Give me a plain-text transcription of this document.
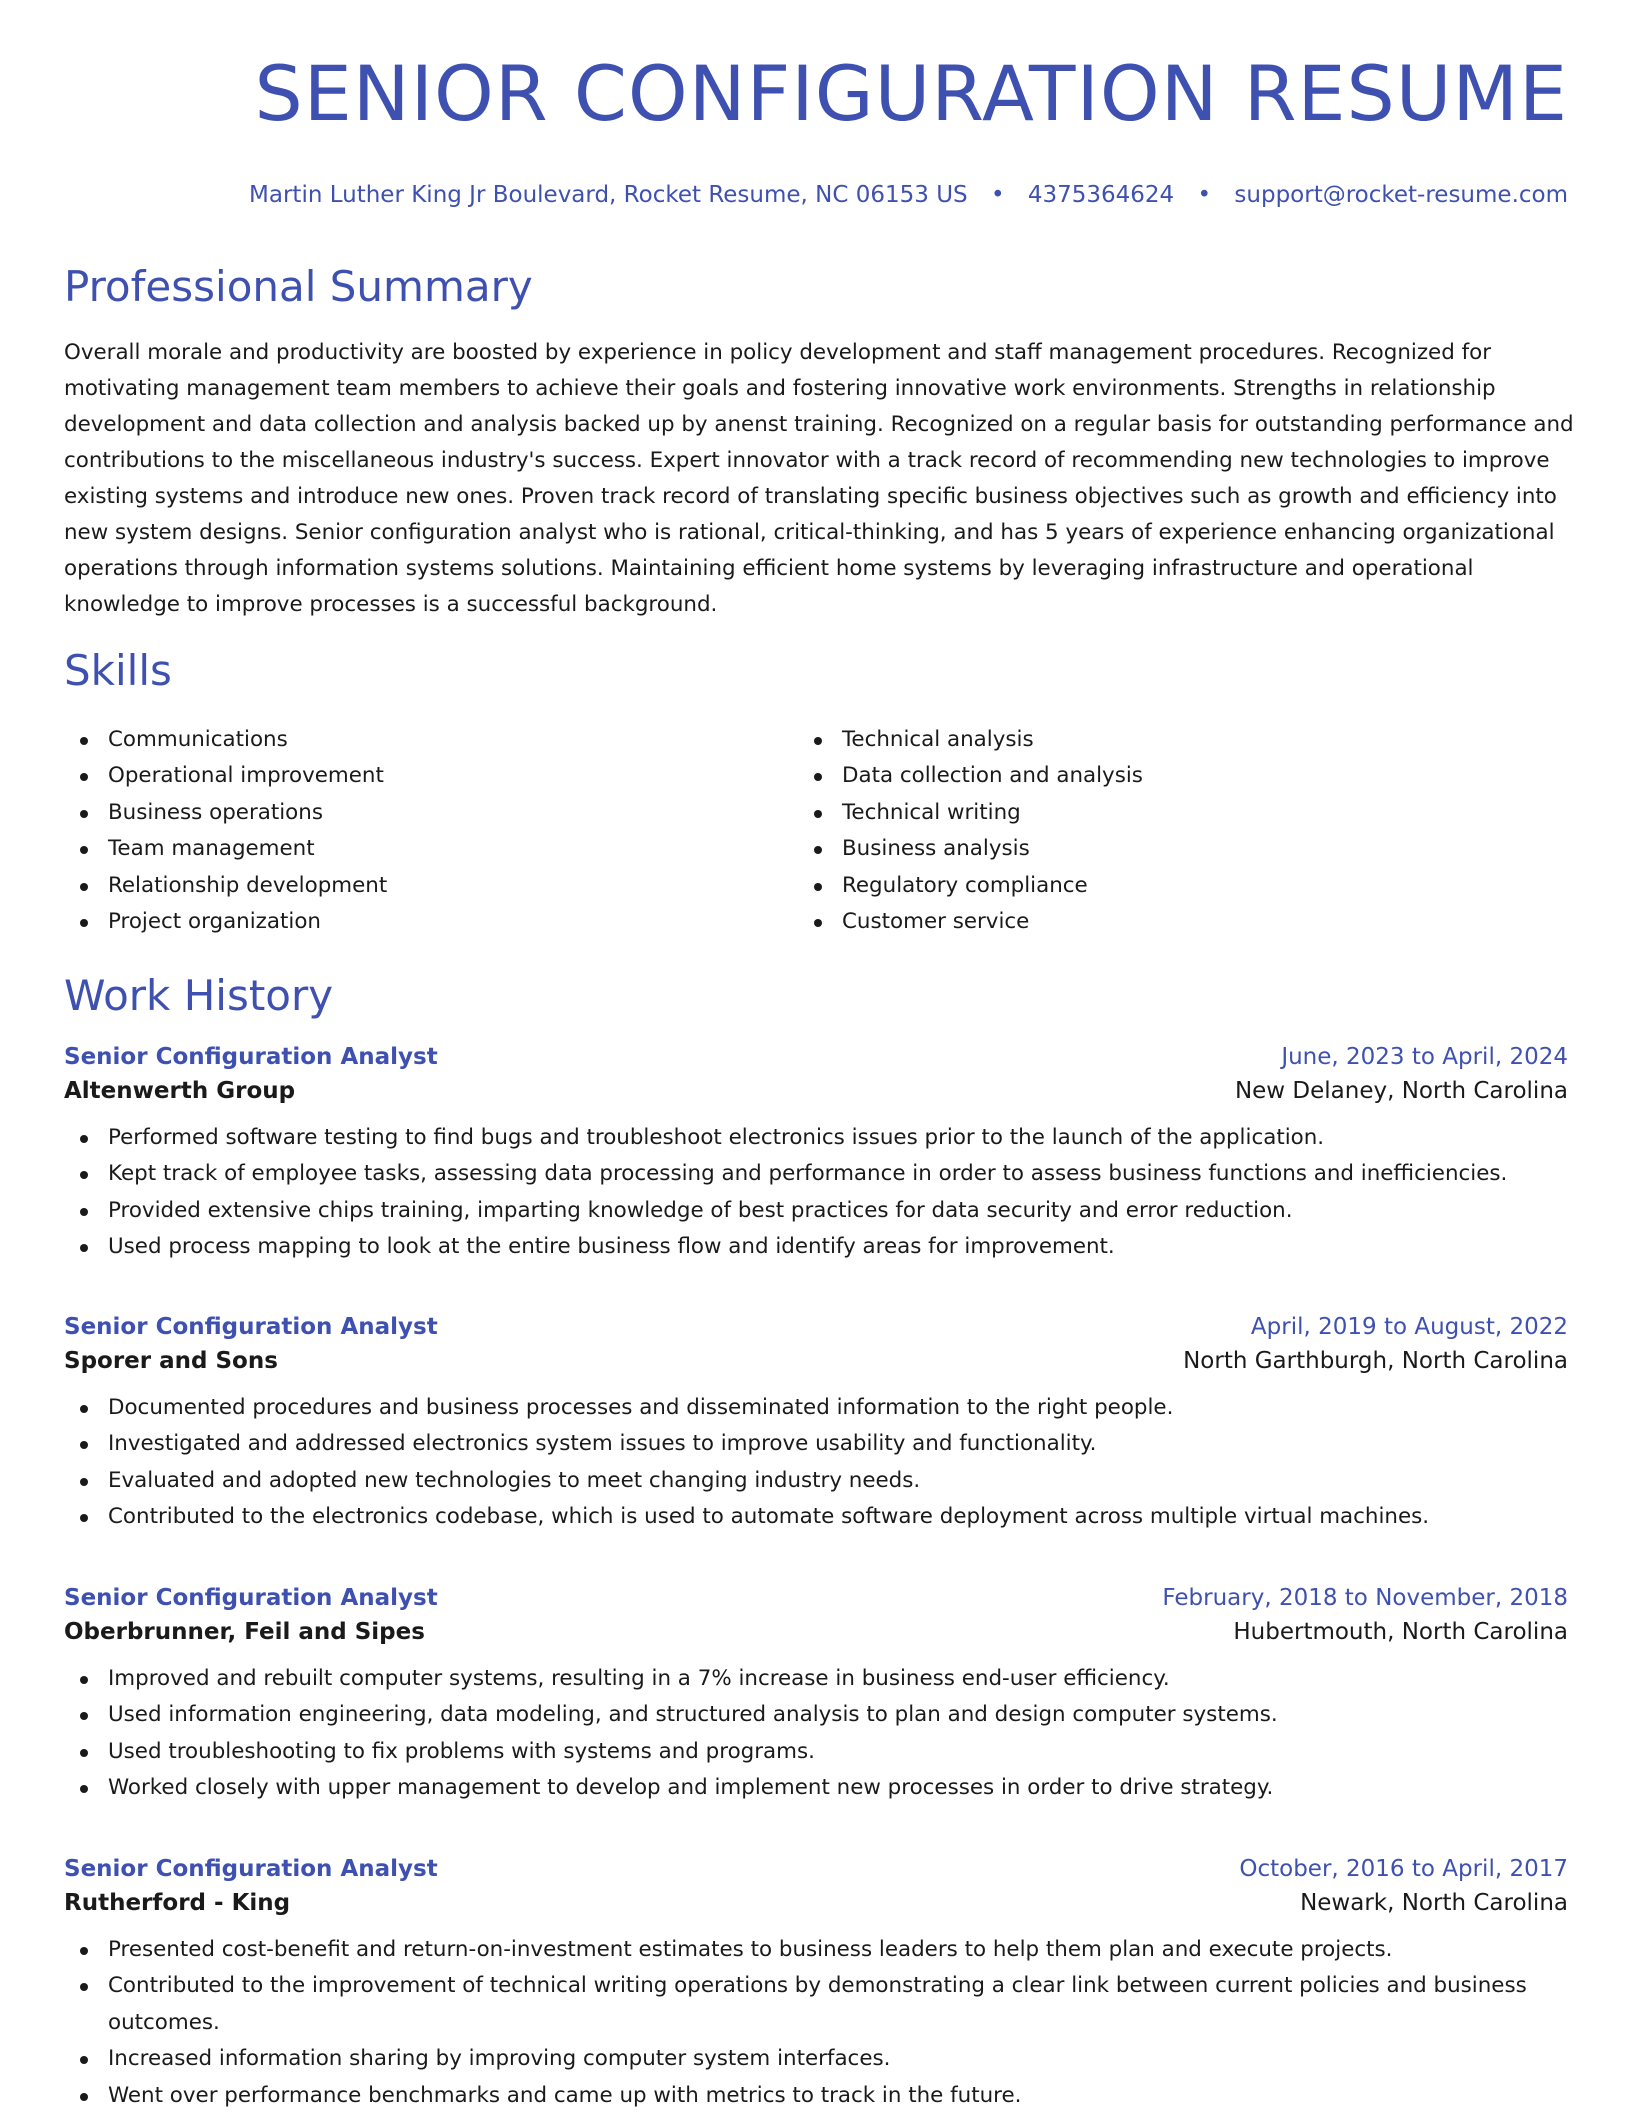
SENIOR CONFIGURATION RESUME
Martin Luther King Jr Boulevard, Rocket Resume, NC 06153 US • 4375364624 • support@rocket-resume.com
Professional Summary

Overall morale and productivity are boosted by experience in policy development and staff management procedures. Recognized for motivating management team members to achieve their goals and fostering innovative work environments. Strengths in relationship development and data collection and analysis backed up by anenst training. Recognized on a regular basis for outstanding performance and contributions to the miscellaneous industry's success. Expert innovator with a track record of recommending new technologies to improve existing systems and introduce new ones. Proven track record of translating specific business objectives such as growth and efficiency into new system designs. Senior configuration analyst who is rational, critical-thinking, and has 5 years of experience enhancing organizational operations through information systems solutions. Maintaining efficient home systems by leveraging infrastructure and operational knowledge to improve processes is a successful background.

Skills
Communications
Operational improvement
Business operations
Team management
Relationship development
Project organization
Technical analysis
Data collection and analysis
Technical writing
Business analysis
Regulatory compliance
Customer service
Work History
Senior Configuration Analyst	June, 2023 to April, 2024
Altenwerth Group	New Delaney, North Carolina
Performed software testing to find bugs and troubleshoot electronics issues prior to the launch of the application.
Kept track of employee tasks, assessing data processing and performance in order to assess business functions and inefficiencies.
Provided extensive chips training, imparting knowledge of best practices for data security and error reduction.
Used process mapping to look at the entire business flow and identify areas for improvement.
Senior Configuration Analyst	April, 2019 to August, 2022
Sporer and Sons	North Garthburgh, North Carolina
Documented procedures and business processes and disseminated information to the right people.
Investigated and addressed electronics system issues to improve usability and functionality.
Evaluated and adopted new technologies to meet changing industry needs.
Contributed to the electronics codebase, which is used to automate software deployment across multiple virtual machines.
Senior Configuration Analyst	February, 2018 to November, 2018
Oberbrunner, Feil and Sipes	Hubertmouth, North Carolina
Improved and rebuilt computer systems, resulting in a 7% increase in business end-user efficiency.
Used information engineering, data modeling, and structured analysis to plan and design computer systems.
Used troubleshooting to fix problems with systems and programs.
Worked closely with upper management to develop and implement new processes in order to drive strategy.
Senior Configuration Analyst	October, 2016 to April, 2017
Rutherford - King	Newark, North Carolina
Presented cost-benefit and return-on-investment estimates to business leaders to help them plan and execute projects.
Contributed to the improvement of technical writing operations by demonstrating a clear link between current policies and business outcomes.
Increased information sharing by improving computer system interfaces.
Went over performance benchmarks and came up with metrics to track in the future.
